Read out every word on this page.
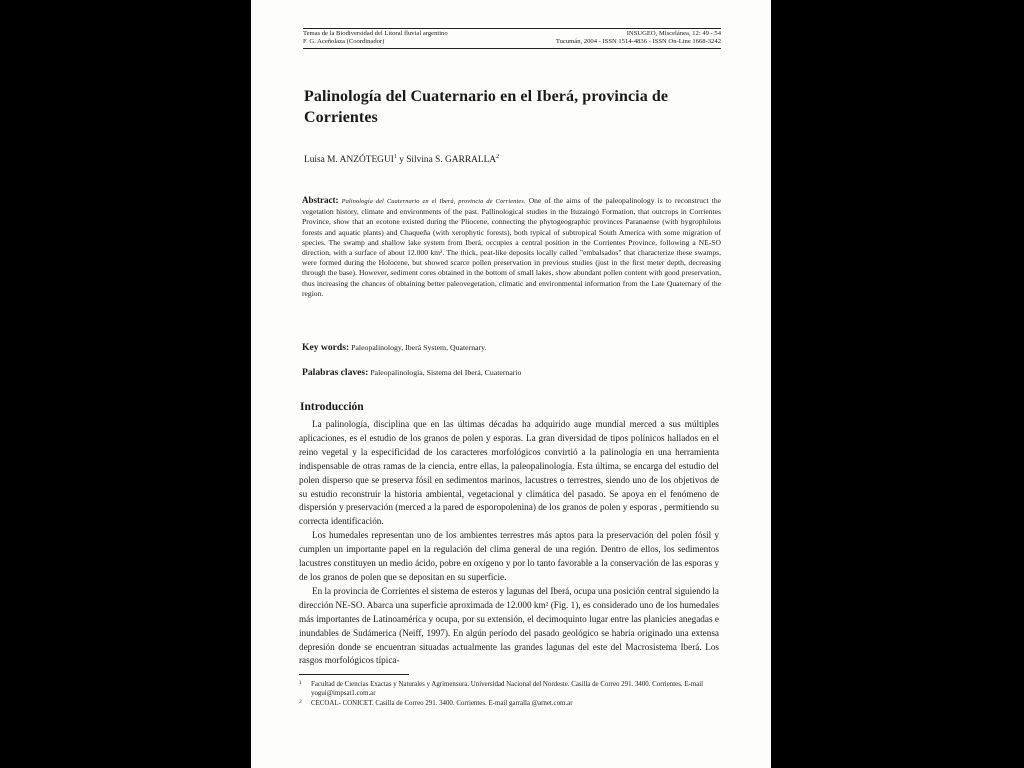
Temas de la Biodiversidad del Litoral fluvial argentino
F. G. Aceñolaza (Coordinador)
INSUGEO, Miscelánea, 12: 49 - 54
Tucumán, 2004 - ISSN 1514-4836 - ISSN On-Line 1668-3242
Palinología del Cuaternario en el Iberá, provincia de Corrientes
Luisa M. ANZÓTEGUI$^1$ y Silvina S. GARRALLA$^2$
Abstract: Palinología del Cuaternario en el Iberá, provincia de Corrientes. One of the aims of the paleopalinology is to reconstruct the vegetation history, climate and environments of the past. Pallinological studies in the Ituzaingó Formation, that outcrops in Corrientes Province, show that an ecotone existed during the Pliocene, connecting the phytogeographic provinces Paranaense (with hygrophilous forests and aquatic plants) and Chaqueña (with xerophytic forests), both typical of subtropical South America with some migration of species. The swamp and shallow lake system from Iberá, occupies a central position in the Corrientes Province, following a NE-SO direction, with a surface of about 12.000 km². The thick, peat-like deposits locally called "embalsados" that characterize these swamps, were formed during the Holocene, but showed scarce pollen preservation in previous studies (just in the first meter depth, decreasing through the base). However, sediment cores obtained in the bottom of small lakes, show abundant pollen content with good preservation, thus increasing the chances of obtaining better paleovegetation, climatic and environmental information from the Late Quaternary of the region.
Key words: Paleopalinology, Iberá System, Quaternary.
Palabras claves: Paleopalinología, Sistema del Iberá, Cuaternario
Introducción

La palinología, disciplina que en las últimas décadas ha adquirido auge mundial merced a sus múltiples aplicaciones, es el estudio de los granos de polen y esporas. La gran diversidad de tipos polínicos hallados en el reino vegetal y la especificidad de los caracteres morfológicos convirtió a la palinología en una herramienta indispensable de otras ramas de la ciencia, entre ellas, la paleopalinología. Esta última, se encarga del estudio del polen disperso que se preserva fósil en sedimentos marinos, lacustres o terrestres, siendo uno de los objetivos de su estudio reconstruir la historia ambiental, vegetacional y climática del pasado. Se apoya en el fenómeno de dispersión y preservación (merced a la pared de esporopolenina) de los granos de polen y esporas , permitiendo su correcta identificación.

Los humedales representan uno de los ambientes terrestres más aptos para la preservación del polen fósil y cumplen un importante papel en la regulación del clima general de una región. Dentro de ellos, los sedimentos lacustres constituyen un medio ácido, pobre en oxígeno y por lo tanto favorable a la conservación de las esporas y de los granos de polen que se depositan en su superficie.

En la provincia de Corrientes el sistema de esteros y lagunas del Iberá, ocupa una posición central siguiendo la dirección NE-SO. Abarca una superficie aproximada de 12.000 km² (Fig. 1), es considerado uno de los humedales más importantes de Latinoamérica y ocupa, por su extensión, el decimoquinto lugar entre las planicies anegadas e inundables de Sudámerica (Neiff, 1997). En algún período del pasado geológico se habría originado una extensa depresión donde se encuentran situadas actualmente las grandes lagunas del este del Macrosistema Iberá. Los rasgos morfológicos típica-

1 Facultad de Ciencias Exactas y Naturales y Agrimensura. Universidad Nacional del Nordeste. Casilla de Correo 291. 3400. Corrientes. E-mail yogui@impsat1.com.ar
2 CECOAL- CONICET. Casilla de Correo 291. 3400. Corrientes. E-mail garralla @arnet.com.ar
